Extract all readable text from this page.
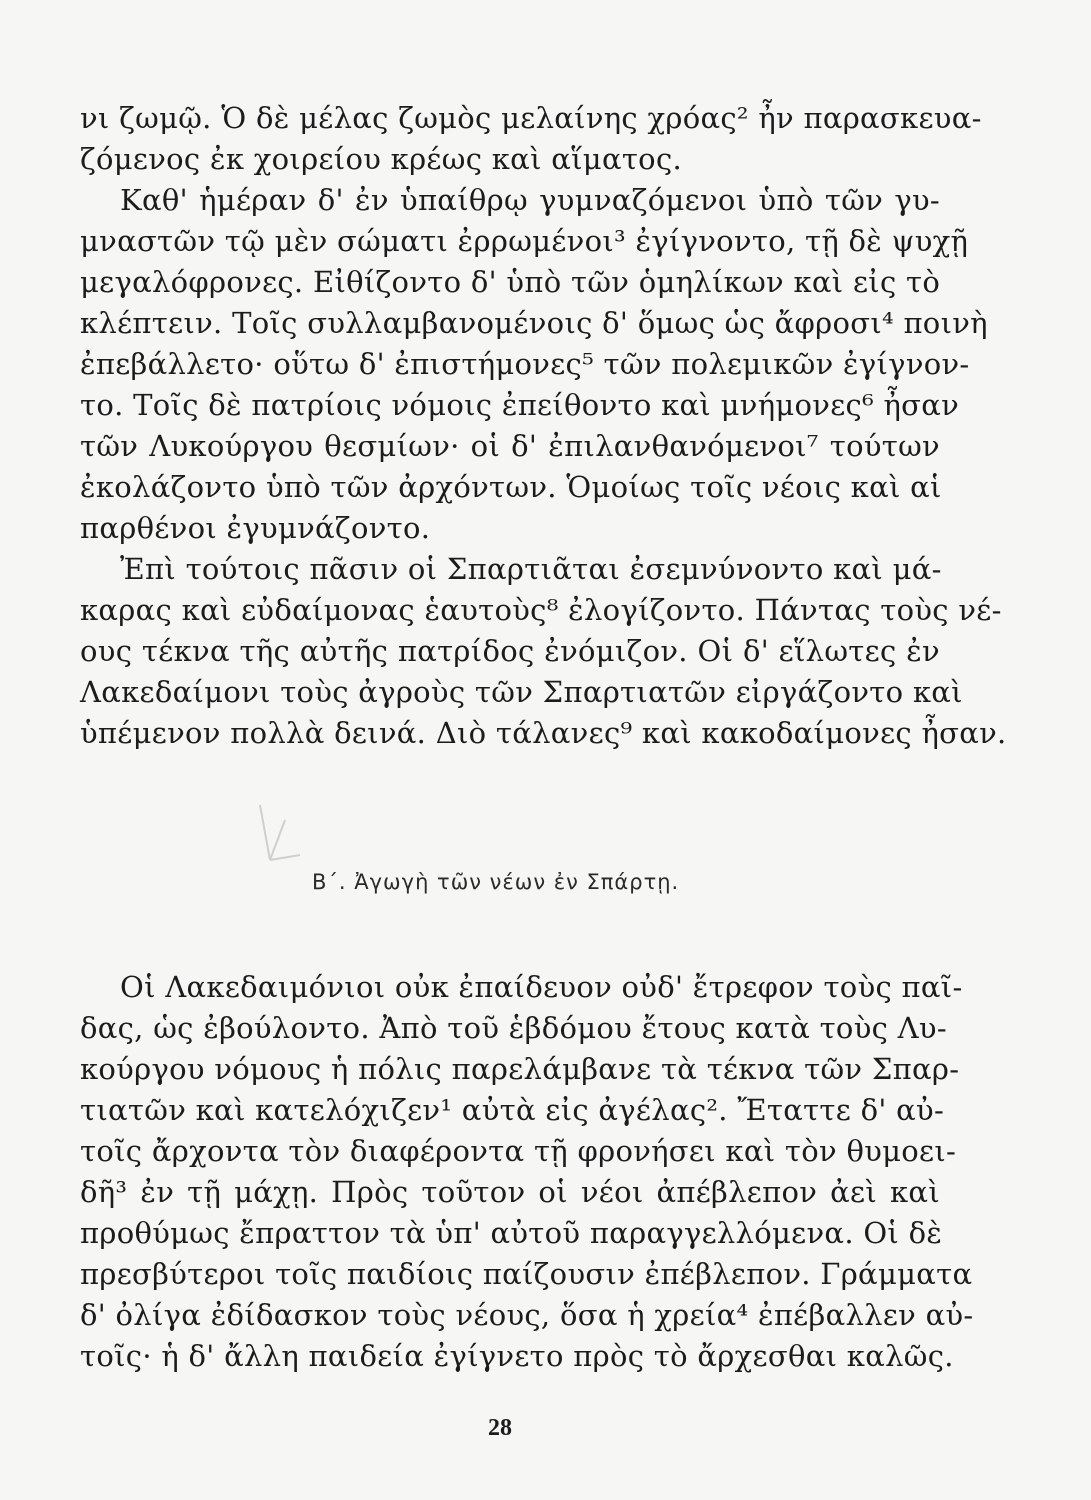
νι ζωμῷ. Ὁ δὲ μέλας ζωμὸς μελαίνης χρόας² ἦν παρασκευα-
ζόμενος ἐκ χοιρείου κρέως καὶ αἵματος.
Καθ' ἡμέραν δ' ἐν ὑπαίθρῳ γυμναζόμενοι ὑπὸ τῶν γυ-
μναστῶν τῷ μὲν σώματι ἐρρωμένοι³ ἐγίγνοντο, τῇ δὲ ψυχῇ
μεγαλόφρονες. Εἰθίζοντο δ' ὑπὸ τῶν ὁμηλίκων καὶ εἰς τὸ
κλέπτειν. Τοῖς συλλαμβανομένοις δ' ὅμως ὡς ἄφροσι⁴ ποινὴ
ἐπεβάλλετο· οὕτω δ' ἐπιστήμονες⁵ τῶν πολεμικῶν ἐγίγνον-
το. Τοῖς δὲ πατρίοις νόμοις ἐπείθοντο καὶ μνήμονες⁶ ἦσαν
τῶν Λυκούργου θεσμίων· οἱ δ' ἐπιλανθανόμενοι⁷ τούτων
ἐκολάζοντο ὑπὸ τῶν ἀρχόντων. Ὁμοίως τοῖς νέοις καὶ αἱ
παρθένοι ἐγυμνάζοντο.
Ἐπὶ τούτοις πᾶσιν οἱ Σπαρτιᾶται ἐσεμνύνοντο καὶ μά-
καρας καὶ εὐδαίμονας ἑαυτοὺς⁸ ἐλογίζοντο. Πάντας τοὺς νέ-
ους τέκνα τῆς αὐτῆς πατρίδος ἐνόμιζον. Οἱ δ' εἵλωτες ἐν
Λακεδαίμονι τοὺς ἀγροὺς τῶν Σπαρτιατῶν εἰργάζοντο καὶ
ὑπέμενον πολλὰ δεινά. Διὸ τάλανες⁹ καὶ κακοδαίμονες ἦσαν.
Β΄. Ἀγωγὴ τῶν νέων ἐν Σπάρτῃ.
Οἱ Λακεδαιμόνιοι οὐκ ἐπαίδευον οὐδ' ἔτρεφον τοὺς παῖ-
δας, ὡς ἐβούλοντο. Ἀπὸ τοῦ ἑβδόμου ἔτους κατὰ τοὺς Λυ-
κούργου νόμους ἡ πόλις παρελάμβανε τὰ τέκνα τῶν Σπαρ-
τιατῶν καὶ κατελόχιζεν¹ αὐτὰ εἰς ἀγέλας². Ἔταττε δ' αὐ-
τοῖς ἄρχοντα τὸν διαφέροντα τῇ φρονήσει καὶ τὸν θυμοει-
δῆ³ ἐν τῇ μάχῃ. Πρὸς τοῦτον οἱ νέοι ἀπέβλεπον ἀεὶ καὶ
προθύμως ἔπραττον τὰ ὑπ' αὐτοῦ παραγγελλόμενα. Οἱ δὲ
πρεσβύτεροι τοῖς παιδίοις παίζουσιν ἐπέβλεπον. Γράμματα
δ' ὀλίγα ἐδίδασκον τοὺς νέους, ὅσα ἡ χρεία⁴ ἐπέβαλλεν αὐ-
τοῖς· ἡ δ' ἄλλη παιδεία ἐγίγνετο πρὸς τὸ ἄρχεσθαι καλῶς.
28
